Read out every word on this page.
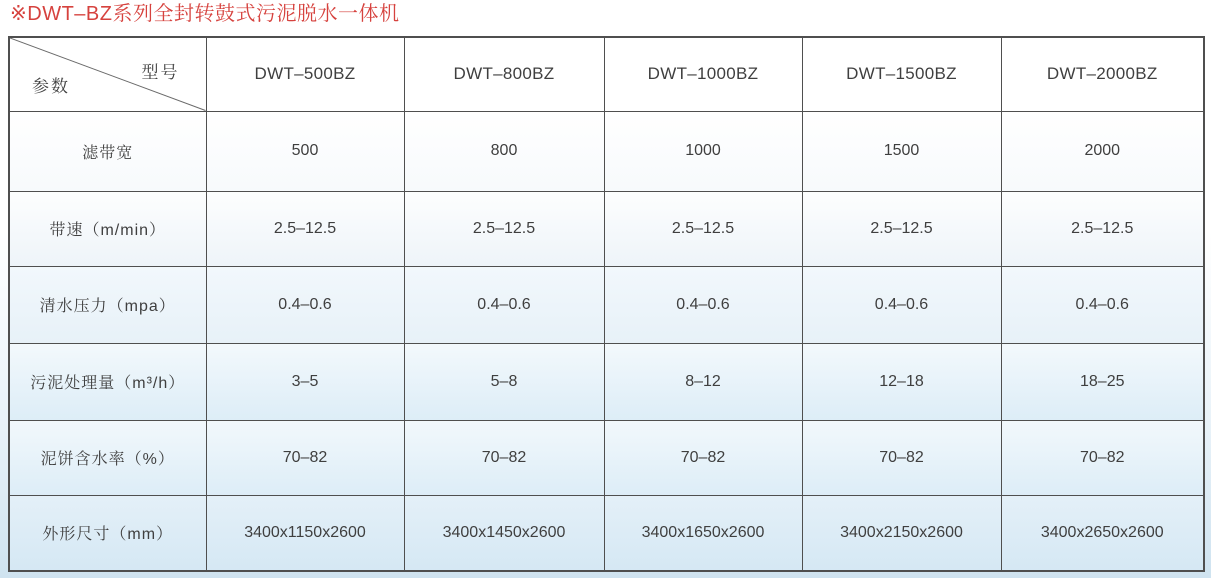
※DWT–BZ系列全封转鼓式污泥脱水一体机
型号
参数	DWT–500BZ	DWT–800BZ	DWT–1000BZ	DWT–1500BZ	DWT–2000BZ
滤带宽	500	800	1000	1500	2000
带速（m/min）	2.5–12.5	2.5–12.5	2.5–12.5	2.5–12.5	2.5–12.5
清水压力（mpa）	0.4–0.6	0.4–0.6	0.4–0.6	0.4–0.6	0.4–0.6
污泥处理量（m³/h）	3–5	5–8	8–12	12–18	18–25
泥饼含水率（%）	70–82	70–82	70–82	70–82	70–82
外形尺寸（mm）	3400x1150x2600	3400x1450x2600	3400x1650x2600	3400x2150x2600	3400x2650x2600
